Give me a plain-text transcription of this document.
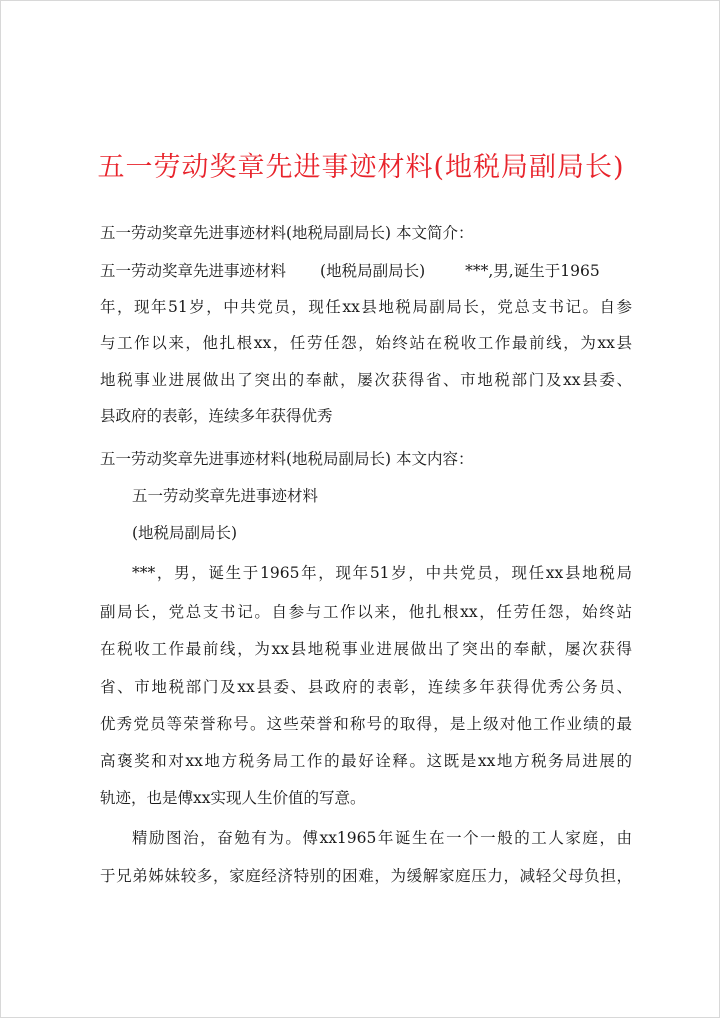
五一劳动奖章先进事迹材料(地税局副局长)
五一劳动奖章先进事迹材料(地税局副局长) 本文简介：
五一劳动奖章先进事迹材料 (地税局副局长)	***,男,诞生于1965
年，现年51岁，中共党员，现任xx县地税局副局长，党总支书记。自参
与工作以来，他扎根xx，任劳任怨，始终站在税收工作最前线，为xx县
地税事业进展做出了突出的奉献，屡次获得省、市地税部门及xx县委、
县政府的表彰，连续多年获得优秀
五一劳动奖章先进事迹材料(地税局副局长) 本文内容：
五一劳动奖章先进事迹材料
(地税局副局长)
***，男，诞生于1965年，现年51岁，中共党员，现任xx县地税局
副局长，党总支书记。自参与工作以来，他扎根xx，任劳任怨，始终站
在税收工作最前线，为xx县地税事业进展做出了突出的奉献，屡次获得
省、市地税部门及xx县委、县政府的表彰，连续多年获得优秀公务员、
优秀党员等荣誉称号。这些荣誉和称号的取得，是上级对他工作业绩的最
高褒奖和对xx地方税务局工作的最好诠释。这既是xx地方税务局进展的
轨迹，也是傅xx实现人生价值的写意。
精励图治，奋勉有为。傅xx1965年诞生在一个一般的工人家庭，由
于兄弟姊妹较多，家庭经济特别的困难，为缓解家庭压力，减轻父母负担，
